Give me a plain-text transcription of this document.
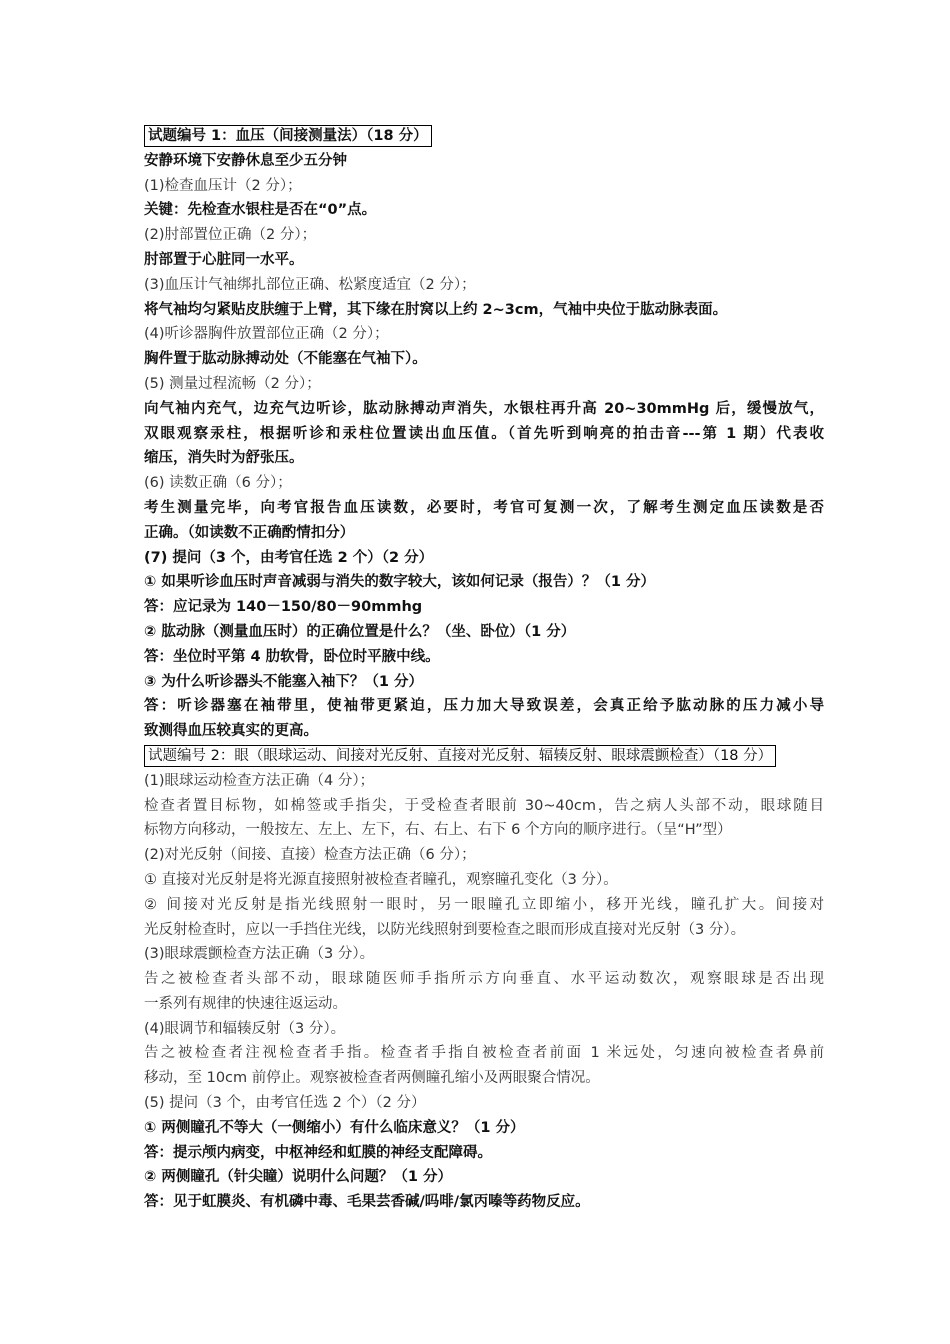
试题编号 1：血压（间接测量法）（18 分）
安静环境下安静休息至少五分钟
(1)检查血压计（2 分）；
关键：先检查水银柱是否在“0”点。
(2)肘部置位正确（2 分）；
肘部置于心脏同一水平。
(3)血压计气袖绑扎部位正确、松紧度适宜（2 分）；
将气袖均匀紧贴皮肤缠于上臂，其下缘在肘窝以上约 2~3cm，气袖中央位于肱动脉表面。
(4)听诊器胸件放置部位正确（2 分）；
胸件置于肱动脉搏动处（不能塞在气袖下）。
(5) 测量过程流畅（2 分）；
向气袖内充气，边充气边听诊，肱动脉搏动声消失，水银柱再升高 20~30mmHg 后，缓慢放气，
双眼观察汞柱，根据听诊和汞柱位置读出血压值。（首先听到响亮的拍击音---第 1 期）代表收
缩压，消失时为舒张压。
(6) 读数正确（6 分）；
考生测量完毕，向考官报告血压读数，必要时，考官可复测一次，了解考生测定血压读数是否
正确。（如读数不正确酌情扣分）
(7) 提问（3 个，由考官任选 2 个）（2 分）
① 如果听诊血压时声音减弱与消失的数字较大，该如何记录（报告）？（1 分）
答：应记录为 140－150/80－90mmhg
② 肱动脉（测量血压时）的正确位置是什么？（坐、卧位）（1 分）
答：坐位时平第 4 肋软骨，卧位时平腋中线。
③ 为什么听诊器头不能塞入袖下？（1 分）
答：听诊器塞在袖带里，使袖带更紧迫，压力加大导致误差，会真正给予肱动脉的压力减小导
致测得血压较真实的更高。
试题编号 2：眼（眼球运动、间接对光反射、直接对光反射、辐辏反射、眼球震颤检查）（18 分）
(1)眼球运动检查方法正确（4 分）；
检查者置目标物，如棉签或手指尖，于受检查者眼前 30~40cm，告之病人头部不动，眼球随目
标物方向移动，一般按左、左上、左下，右、右上、右下 6 个方向的顺序进行。（呈“H”型）
(2)对光反射（间接、直接）检查方法正确（6 分）；
① 直接对光反射是将光源直接照射被检查者瞳孔，观察瞳孔变化（3 分）。
② 间接对光反射是指光线照射一眼时，另一眼瞳孔立即缩小，移开光线，瞳孔扩大。间接对
光反射检查时，应以一手挡住光线，以防光线照射到要检查之眼而形成直接对光反射（3 分）。
(3)眼球震颤检查方法正确（3 分）。
告之被检查者头部不动，眼球随医师手指所示方向垂直、水平运动数次，观察眼球是否出现
一系列有规律的快速往返运动。
(4)眼调节和辐辏反射（3 分）。
告之被检查者注视检查者手指。检查者手指自被检查者前面 1 米远处，匀速向被检查者鼻前
移动，至 10cm 前停止。观察被检查者两侧瞳孔缩小及两眼聚合情况。
(5) 提问（3 个，由考官任选 2 个）（2 分）
① 两侧瞳孔不等大（一侧缩小）有什么临床意义？（1 分）
答：提示颅内病变，中枢神经和虹膜的神经支配障碍。
② 两侧瞳孔（针尖瞳）说明什么问题？（1 分）
答：见于虹膜炎、有机磷中毒、毛果芸香碱/吗啡/氯丙嗪等药物反应。
